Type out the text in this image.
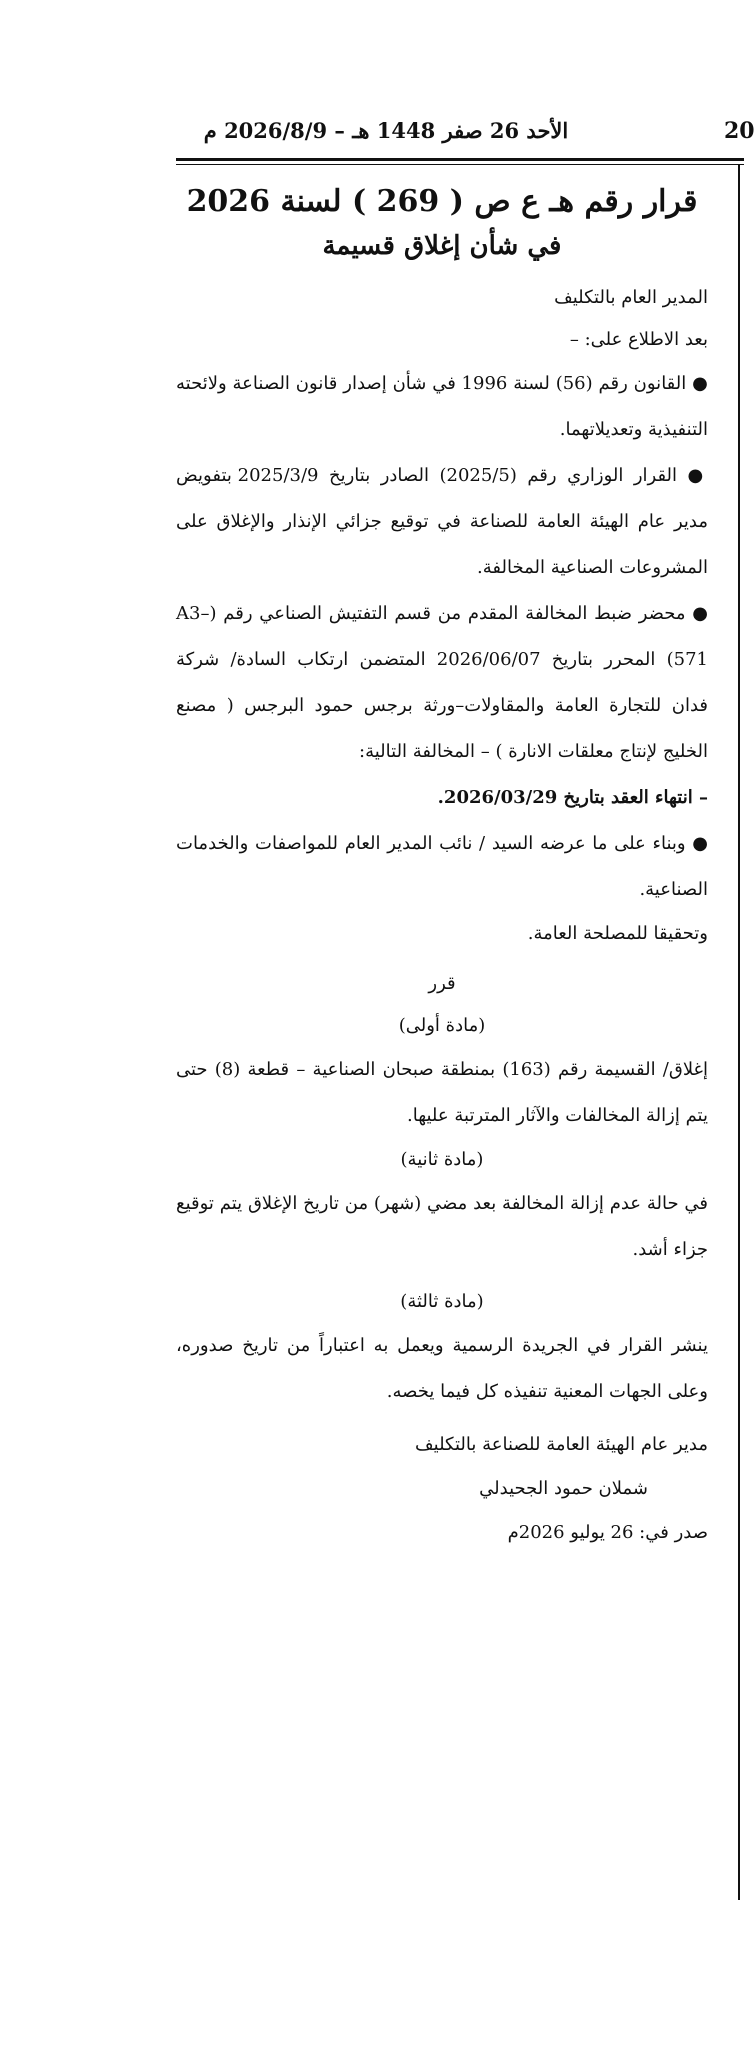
الأحد 26 صفر 1448 هـ – 2026/8/9 م	20
قرار رقم هـ ع ص ( 269 ) لسنة 2026
في شأن إغلاق قسيمة

المدير العام بالتكليف

بعد الاطلاع على: –

● القانون رقم (56) لسنة 1996 في شأن إصدار قانون الصناعة ولائحته التنفيذية وتعديلاتهما.

● القرار الوزاري رقم (2025/5) الصادر بتاريخ 2025/3/9 بتفويض مدير عام الهيئة العامة للصناعة في توقيع جزائي الإنذار والإغلاق على المشروعات الصناعية المخالفة.

● محضر ضبط المخالفة المقدم من قسم التفتيش الصناعي رقم (A3–571) المحرر بتاريخ 2026/06/07 المتضمن ارتكاب السادة/ شركة فدان للتجارة العامة والمقاولات–ورثة برجس حمود البرجس ( مصنع الخليج لإنتاج معلقات الانارة ) – المخالفة التالية:

– انتهاء العقد بتاريخ 2026/03/29.

● وبناء على ما عرضه السيد / نائب المدير العام للمواصفات والخدمات الصناعية.

وتحقيقا للمصلحة العامة.

قرر

(مادة أولى)

إغلاق/ القسيمة رقم (163) بمنطقة صبحان الصناعية – قطعة (8) حتى يتم إزالة المخالفات والآثار المترتبة عليها.

(مادة ثانية)

في حالة عدم إزالة المخالفة بعد مضي (شهر) من تاريخ الإغلاق يتم توقيع جزاء أشد.

(مادة ثالثة)

ينشر القرار في الجريدة الرسمية ويعمل به اعتباراً من تاريخ صدوره، وعلى الجهات المعنية تنفيذه كل فيما يخصه.

مدير عام الهيئة العامة للصناعة بالتكليف

شملان حمود الجحيدلي

صدر في: 26 يوليو 2026م
